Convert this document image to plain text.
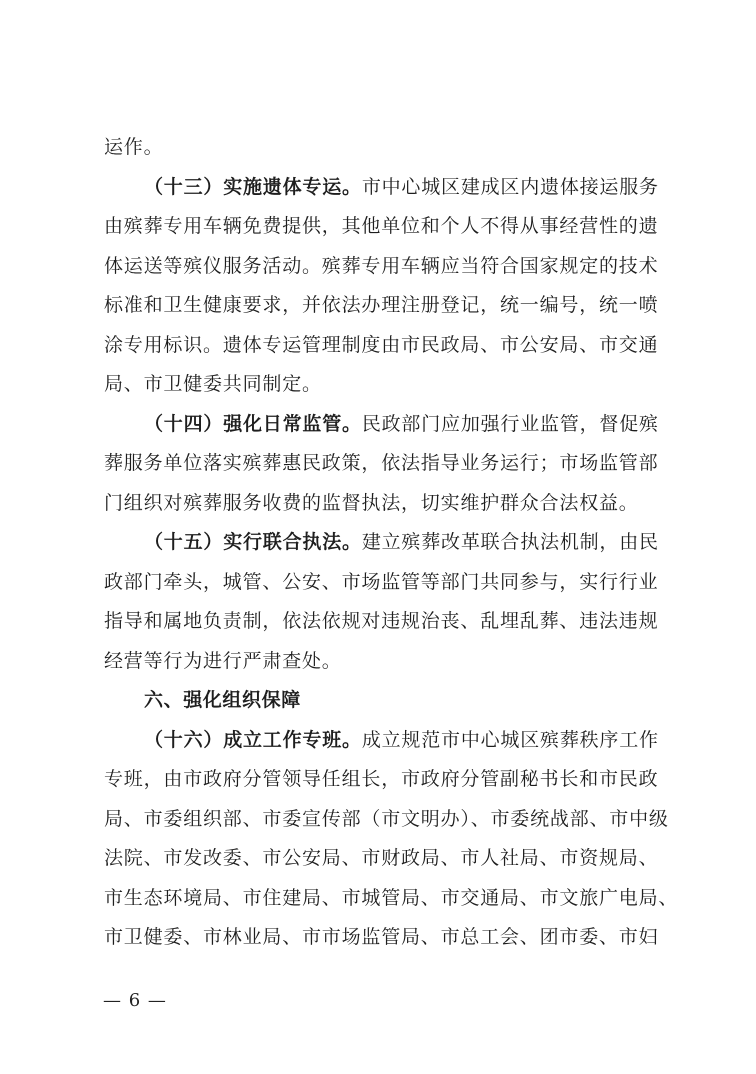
运作。
（十三）实施遗体专运。市中心城区建成区内遗体接运服务
由殡葬专用车辆免费提供，其他单位和个人不得从事经营性的遗
体运送等殡仪服务活动。殡葬专用车辆应当符合国家规定的技术
标准和卫生健康要求，并依法办理注册登记，统一编号，统一喷
涂专用标识。遗体专运管理制度由市民政局、市公安局、市交通
局、市卫健委共同制定。
（十四）强化日常监管。民政部门应加强行业监管，督促殡
葬服务单位落实殡葬惠民政策，依法指导业务运行；市场监管部
门组织对殡葬服务收费的监督执法，切实维护群众合法权益。
（十五）实行联合执法。建立殡葬改革联合执法机制，由民
政部门牵头，城管、公安、市场监管等部门共同参与，实行行业
指导和属地负责制，依法依规对违规治丧、乱埋乱葬、违法违规
经营等行为进行严肃查处。
六、强化组织保障
（十六）成立工作专班。成立规范市中心城区殡葬秩序工作
专班，由市政府分管领导任组长，市政府分管副秘书长和市民政
局、市委组织部、市委宣传部（市文明办）、市委统战部、市中级
法院、市发改委、市公安局、市财政局、市人社局、市资规局、
市生态环境局、市住建局、市城管局、市交通局、市文旅广电局、
市卫健委、市林业局、市市场监管局、市总工会、团市委、市妇
— 6 —
